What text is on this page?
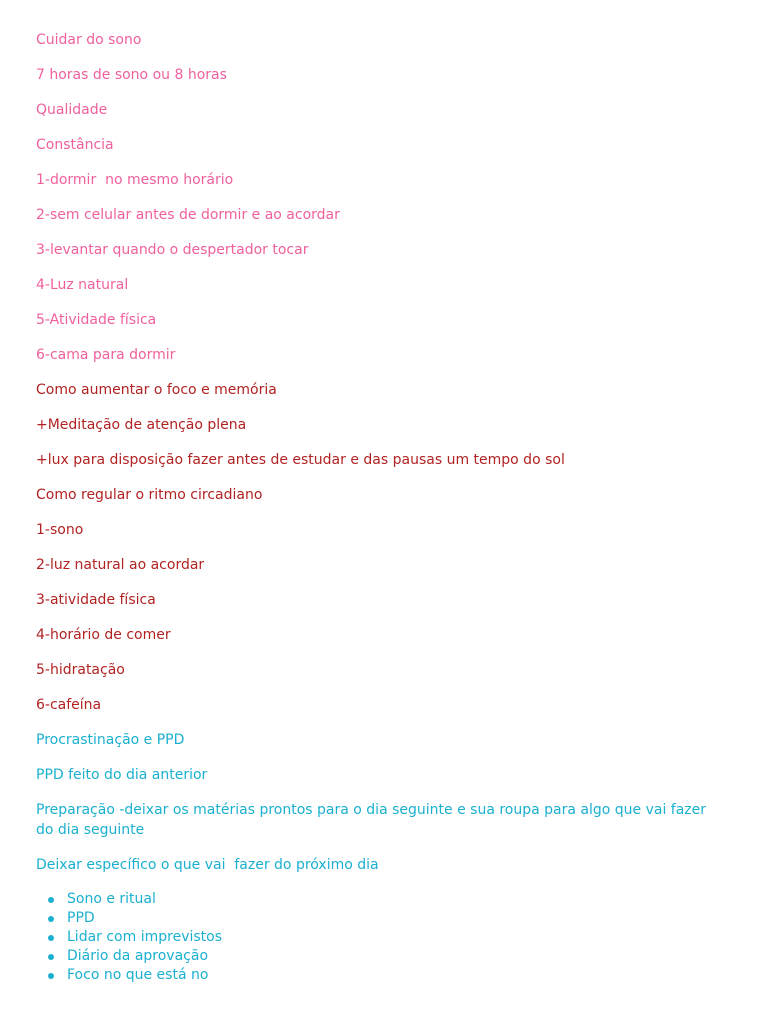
Cuidar do sono

7 horas de sono ou 8 horas

Qualidade

Constância

1-dormir  no mesmo horário

2-sem celular antes de dormir e ao acordar

3-levantar quando o despertador tocar

4-Luz natural

5-Atividade física

6-cama para dormir

Como aumentar o foco e memória

+Meditação de atenção plena

+lux para disposição fazer antes de estudar e das pausas um tempo do sol

Como regular o ritmo circadiano

1-sono

2-luz natural ao acordar

3-atividade física

4-horário de comer

5-hidratação

6-cafeína

Procrastinação e PPD

PPD feito do dia anterior

Preparação -deixar os matérias prontos para o dia seguinte e sua roupa para algo que vai fazer do dia seguinte

Deixar específico o que vai  fazer do próximo dia

Sono e ritual
PPD
Lidar com imprevistos
Diário da aprovação
Foco no que está no
